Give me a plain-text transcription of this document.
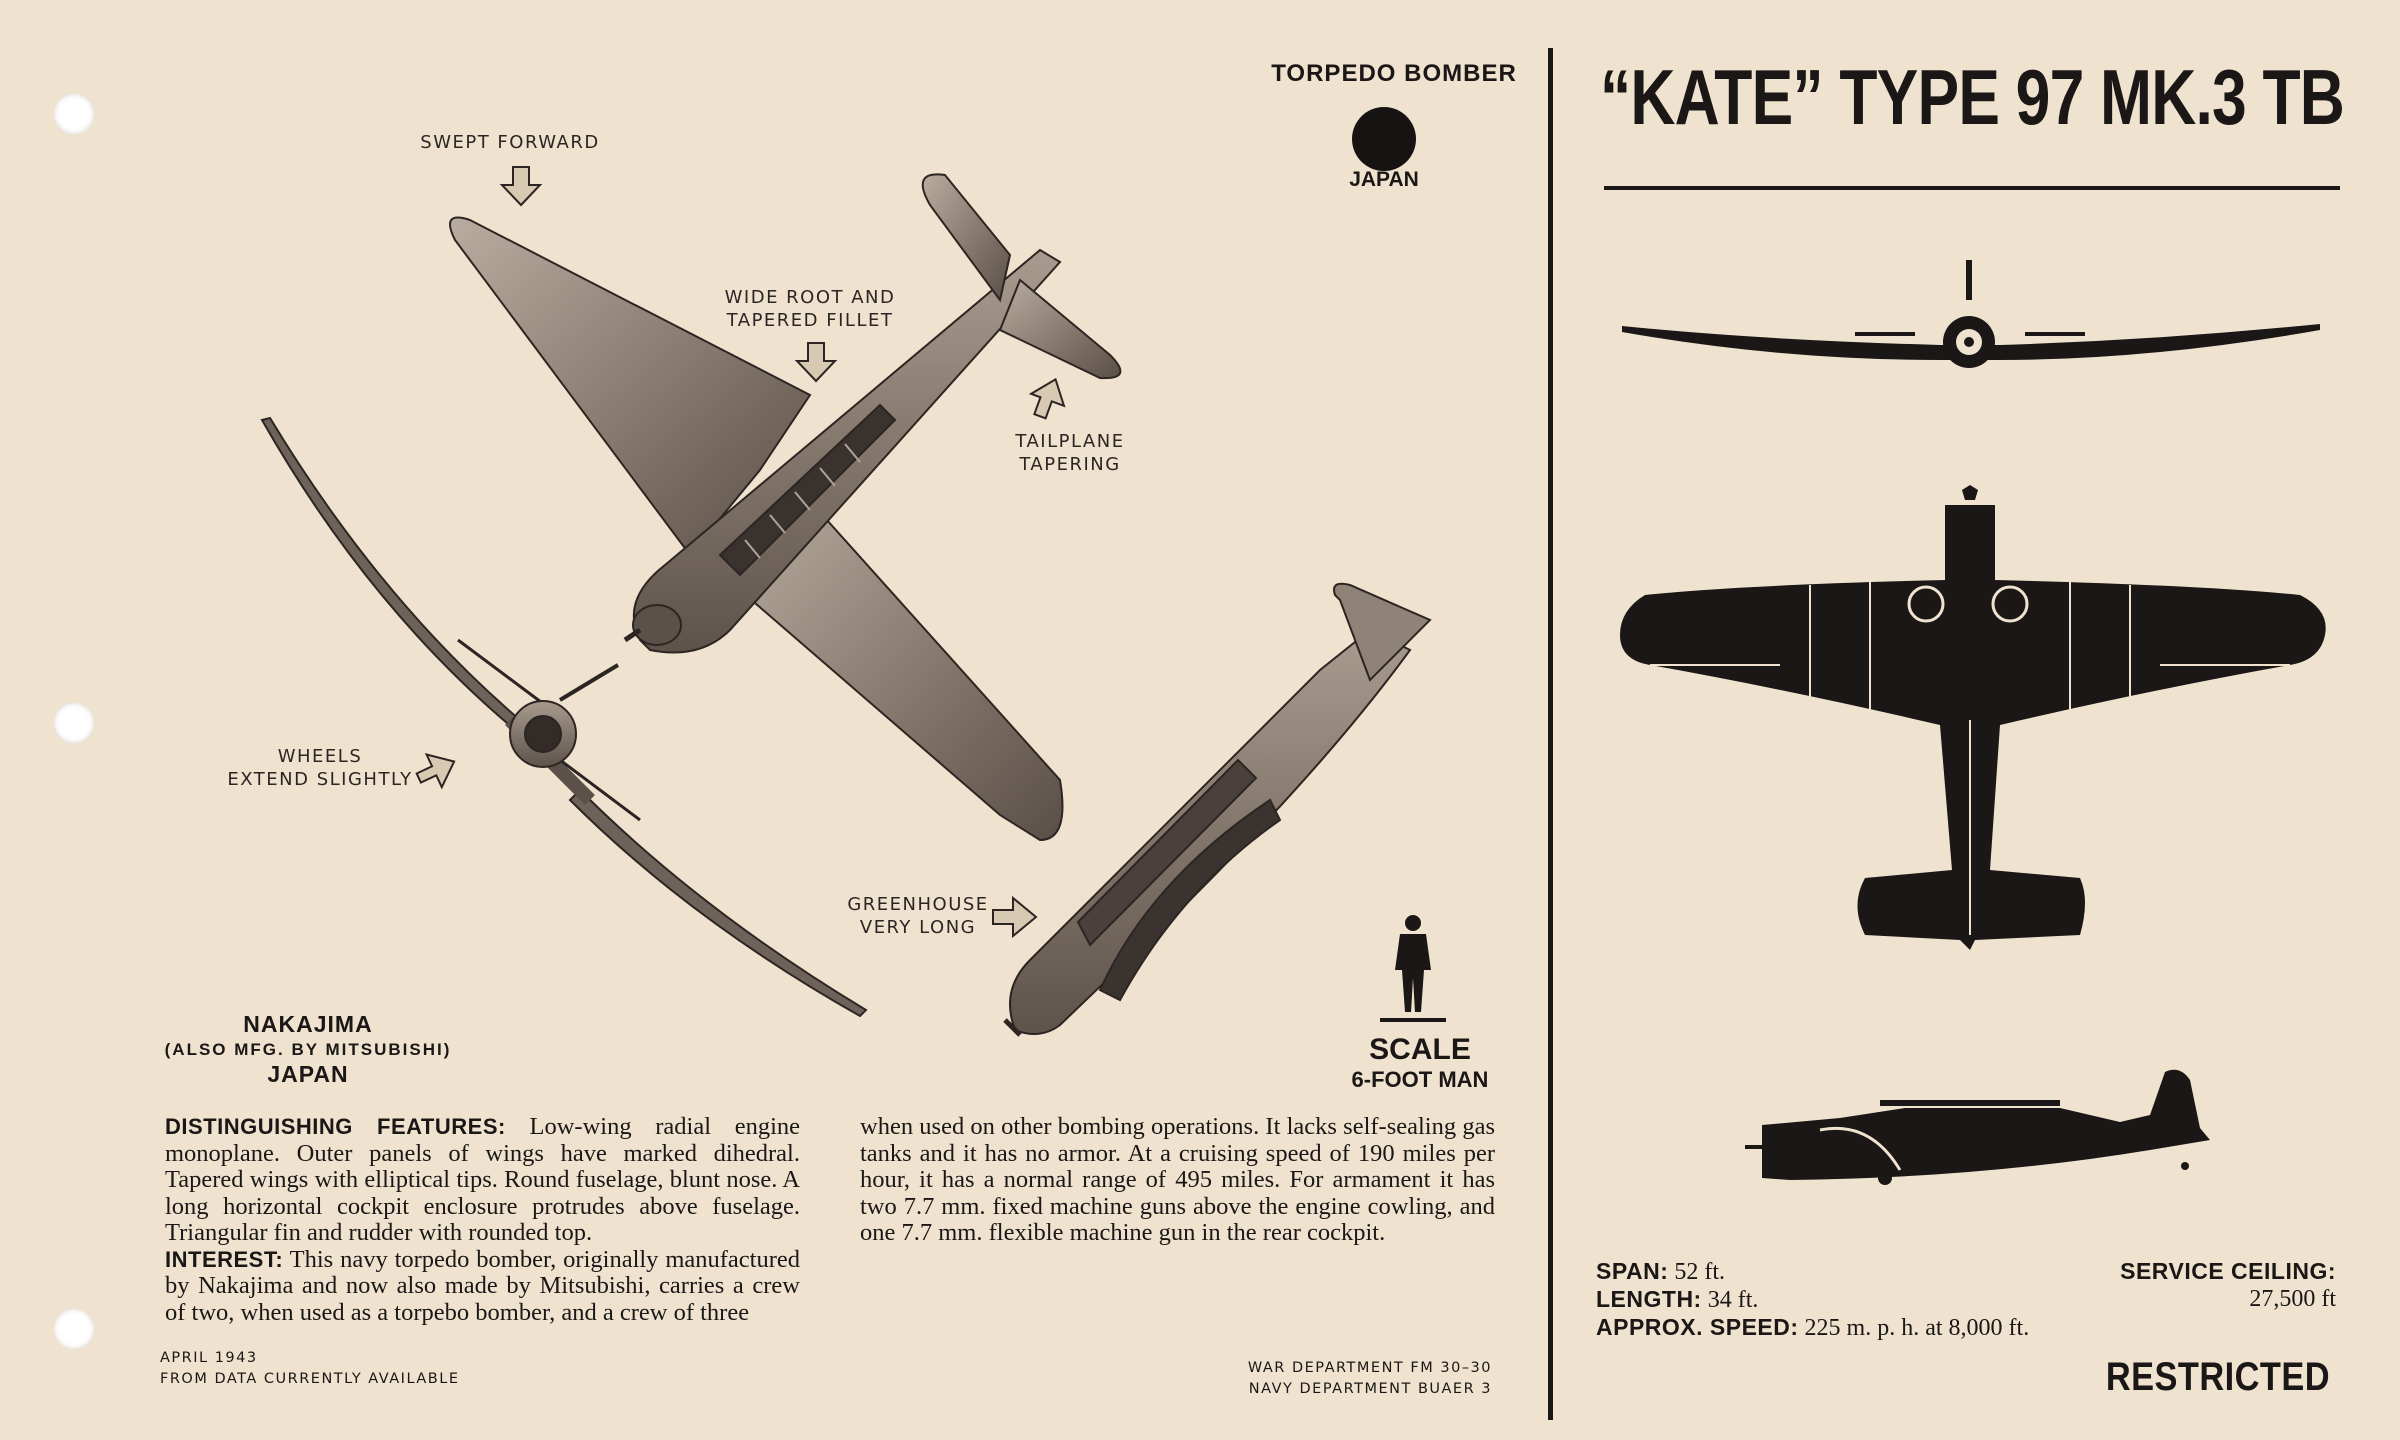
TORPEDO BOMBER
JAPAN
SWEPT FORWARD
WIDE ROOT AND
TAPERED FILLET
TAILPLANE
TAPERING
WHEELS
EXTEND SLIGHTLY
GREENHOUSE
VERY LONG
NAKAJIMA
(ALSO MFG. BY MITSUBISHI)
JAPAN
SCALE
6-FOOT MAN
DISTINGUISHING FEATURES: Low-wing radial engine monoplane. Outer panels of wings have marked dihedral. Tapered wings with elliptical tips. Round fuselage, blunt nose. A long horizontal cockpit enclosure protrudes above fuselage. Triangular fin and rudder with rounded top.
INTEREST: This navy torpedo bomber, originally manufactured by Nakajima and now also made by Mitsubishi, carries a crew of two, when used as a torpebo bomber, and a crew of three
when used on other bombing operations. It lacks self-sealing gas tanks and it has no armor. At a cruising speed of 190 miles per hour, it has a normal range of 495 miles. For armament it has two 7.7 mm. fixed machine guns above the engine cowling, and one 7.7 mm. flexible machine gun in the rear cockpit.
APRIL 1943
FROM DATA CURRENTLY AVAILABLE
WAR DEPARTMENT FM 30–30
NAVY DEPARTMENT BUAER 3
“KATE” TYPE 97 MK.3 TB
SPAN: 52 ft.
LENGTH: 34 ft.
APPROX. SPEED: 225 m. p. h. at 8,000 ft.
SERVICE CEILING:
27,500 ft
RESTRICTED
